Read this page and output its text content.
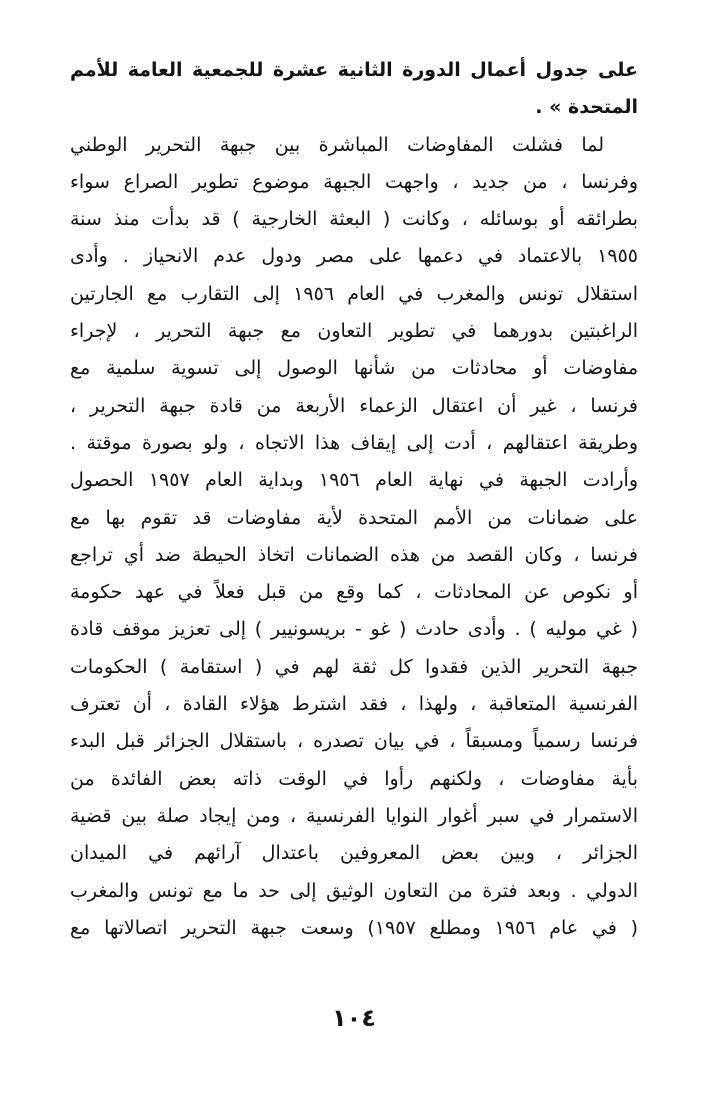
على جدول أعمال الدورة الثانية عشرة للجمعية العامة للأمم
المتحدة » .
لما فشلت المفاوضات المباشرة بين جبهة التحرير الوطني
وفرنسا ، من جديد ، واجهت الجبهة موضوع تطوير الصراع سواء
بطرائقه أو بوسائله ، وكانت ( البعثة الخارجية ) قد بدأت منذ سنة
١٩٥٥ بالاعتماد في دعمها على مصر ودول عدم الانحياز . وأدى
استقلال تونس والمغرب في العام ١٩٥٦ إلى التقارب مع الجارتين
الراغبتين بدورهما في تطوير التعاون مع جبهة التحرير ، لإجراء
مفاوضات أو محادثات من شأنها الوصول إلى تسوية سلمية مع
فرنسا ، غير أن اعتقال الزعماء الأربعة من قادة جبهة التحرير ،
وطريقة اعتقالهم ، أدت إلى إيقاف هذا الاتجاه ، ولو بصورة موقتة .
وأرادت الجبهة في نهاية العام ١٩٥٦ وبداية العام ١٩٥٧ الحصول
على ضمانات من الأمم المتحدة لأية مفاوضات قد تقوم بها مع
فرنسا ، وكان القصد من هذه الضمانات اتخاذ الحيطة ضد أي تراجع
أو نكوص عن المحادثات ، كما وقع من قبل فعلاً في عهد حكومة
( غي موليه ) . وأدى حادث ( غو - بريسونيير ) إلى تعزيز موقف قادة
جبهة التحرير الذين فقدوا كل ثقة لهم في ( استقامة ) الحكومات
الفرنسية المتعاقبة ، ولهذا ، فقد اشترط هؤلاء القادة ، أن تعترف
فرنسا رسمياً ومسبقاً ، في بيان تصدره ، باستقلال الجزائر قبل البدء
بأية مفاوضات ، ولكنهم رأوا في الوقت ذاته بعض الفائدة من
الاستمرار في سبر أغوار النوايا الفرنسية ، ومن إيجاد صلة بين قضية
الجزائر ، وبين بعض المعروفين باعتدال آرائهم في الميدان
الدولي . وبعد فترة من التعاون الوثيق إلى حد ما مع تونس والمغرب
( في عام ١٩٥٦ ومطلع ١٩٥٧) وسعت جبهة التحرير اتصالاتها مع
١٠٤
